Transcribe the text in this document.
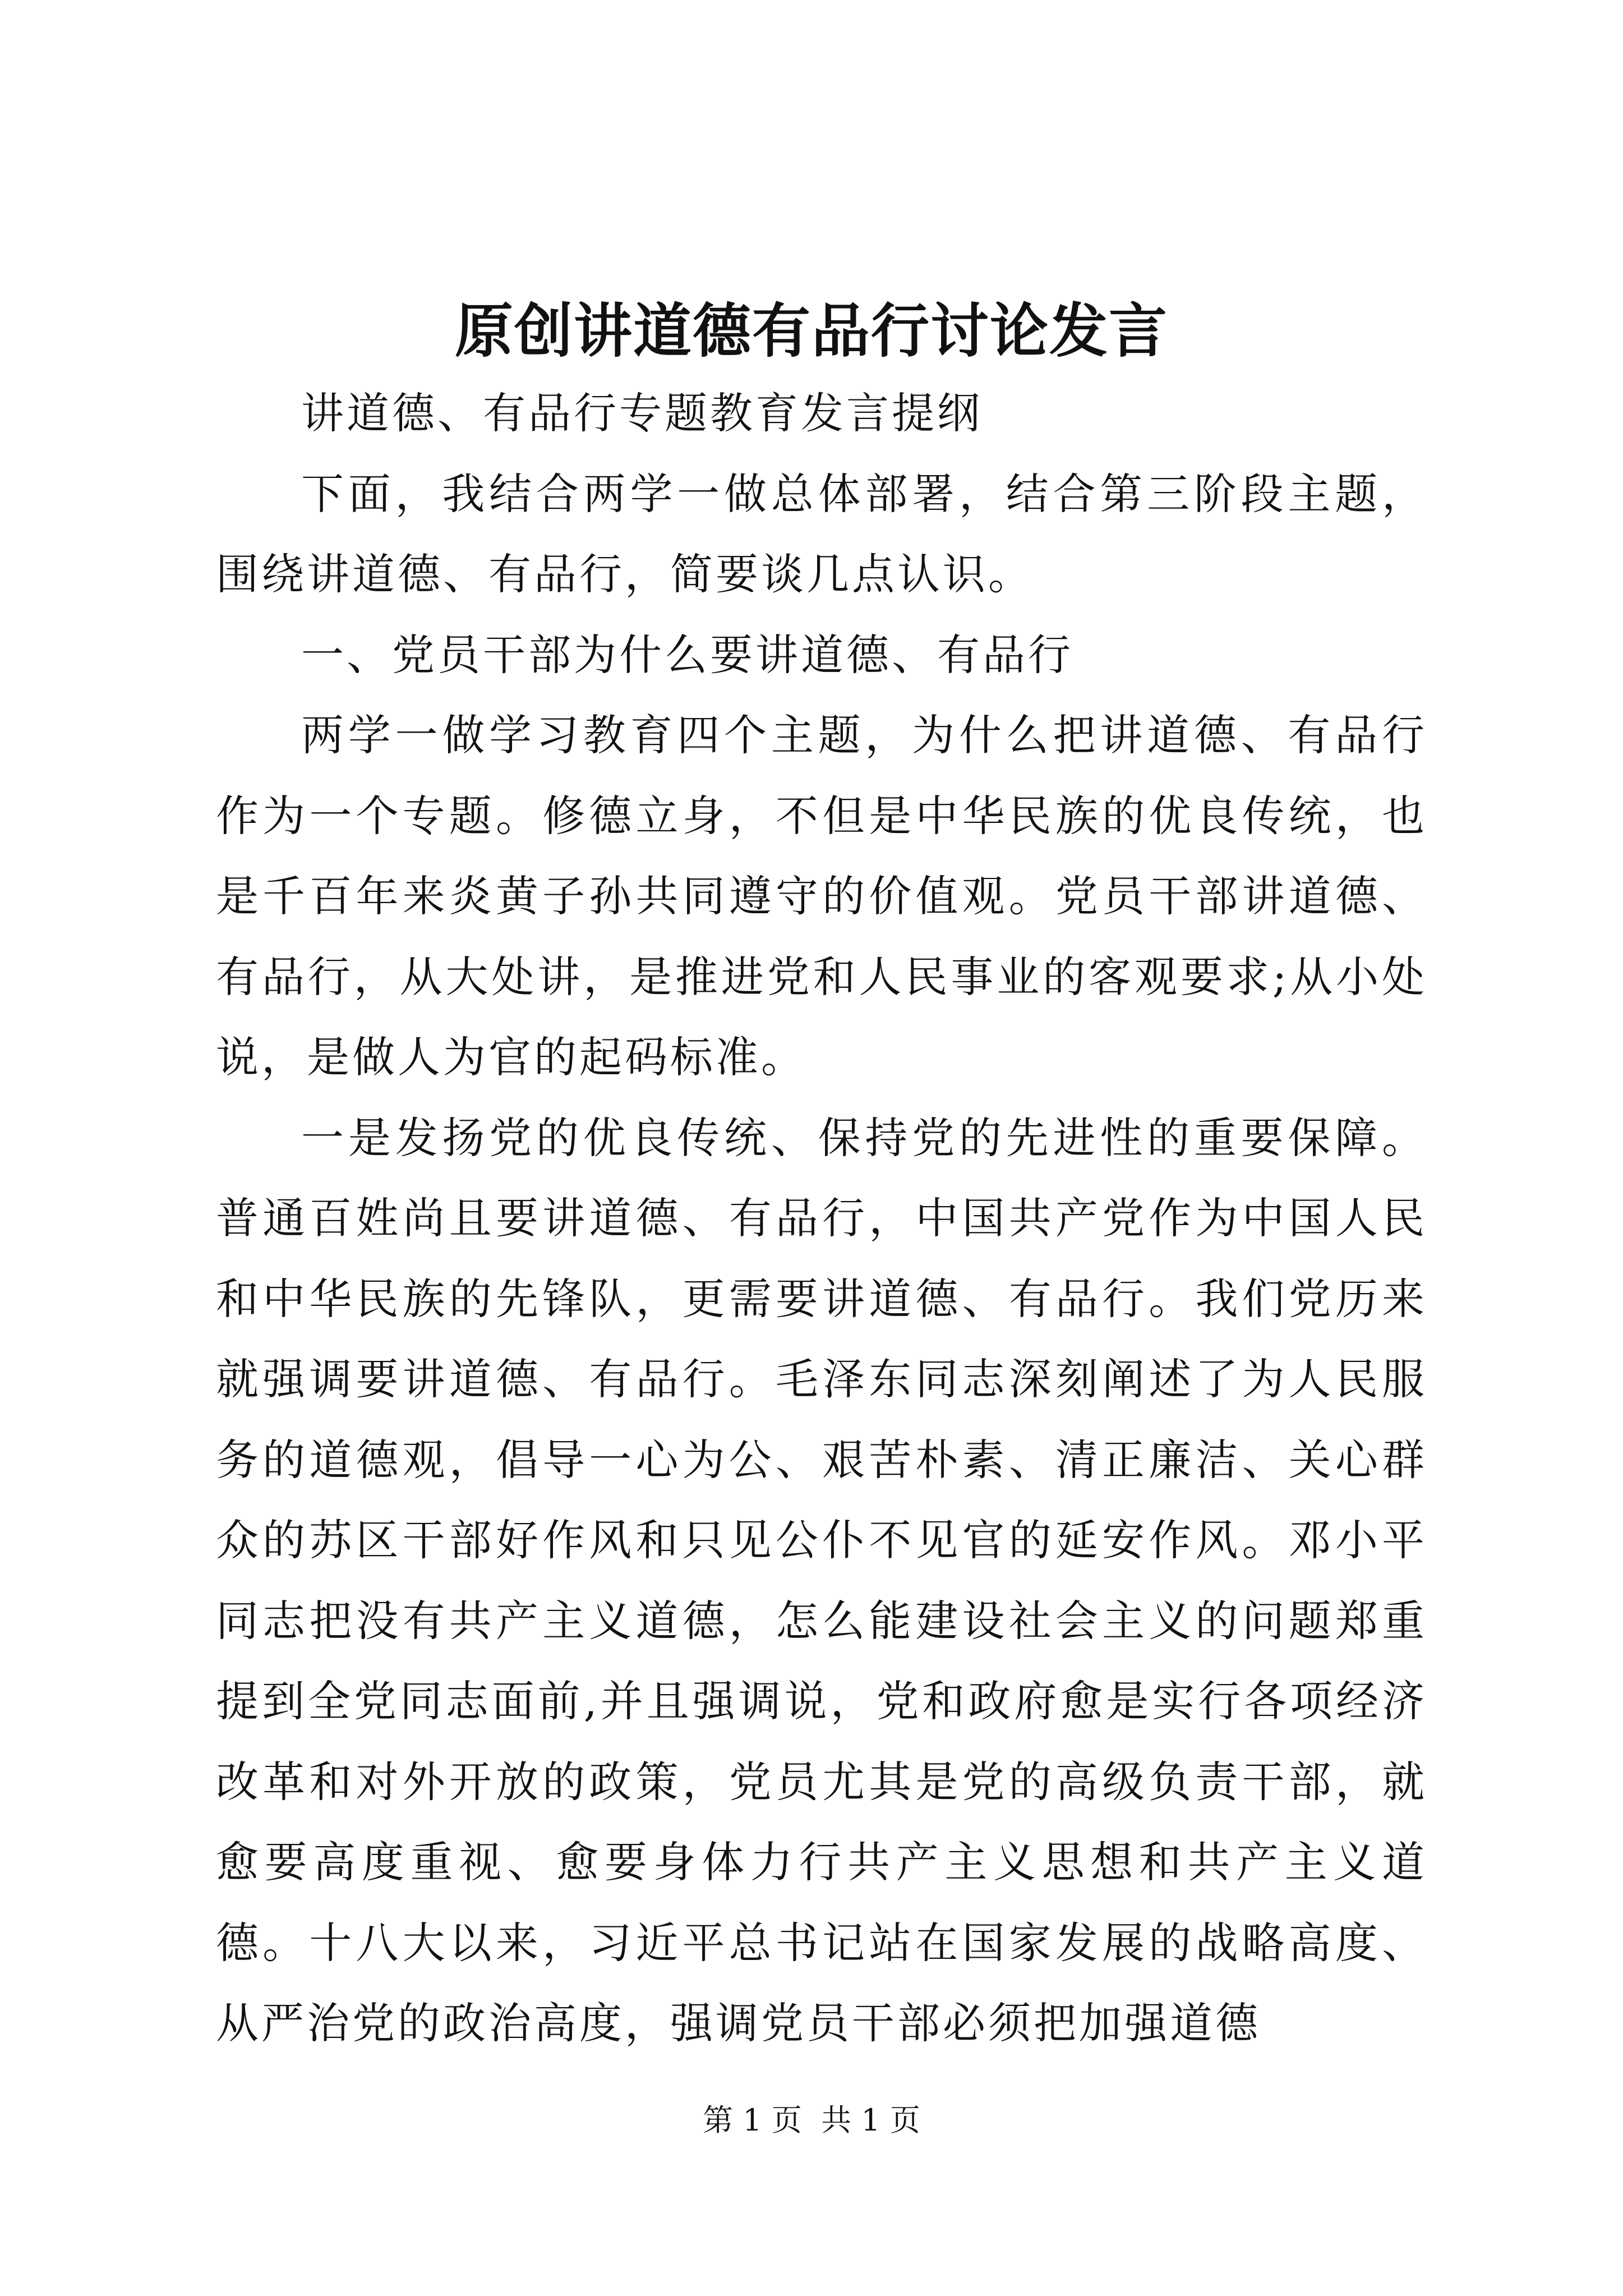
原创讲道德有品行讨论发言

讲道德、有品行专题教育发言提纲

下面，我结合两学一做总体部署，结合第三阶段主题，围绕讲道德、有品行，简要谈几点认识。

一、党员干部为什么要讲道德、有品行

两学一做学习教育四个主题，为什么把讲道德、有品行作为一个专题。修德立身，不但是中华民族的优良传统，也是千百年来炎黄子孙共同遵守的价值观。党员干部讲道德、有品行，从大处讲，是推进党和人民事业的客观要求;从小处说，是做人为官的起码标准。

一是发扬党的优良传统、保持党的先进性的重要保障。普通百姓尚且要讲道德、有品行，中国共产党作为中国人民和中华民族的先锋队，更需要讲道德、有品行。我们党历来就强调要讲道德、有品行。毛泽东同志深刻阐述了为人民服务的道德观，倡导一心为公、艰苦朴素、清正廉洁、关心群众的苏区干部好作风和只见公仆不见官的延安作风。邓小平同志把没有共产主义道德，怎么能建设社会主义的问题郑重提到全党同志面前,并且强调说，党和政府愈是实行各项经济改革和对外开放的政策，党员尤其是党的高级负责干部，就愈要高度重视、愈要身体力行共产主义思想和共产主义道德。十八大以来，习近平总书记站在国家发展的战略高度、从严治党的政治高度，强调党员干部必须把加强道德

第 1 页  共 1 页
